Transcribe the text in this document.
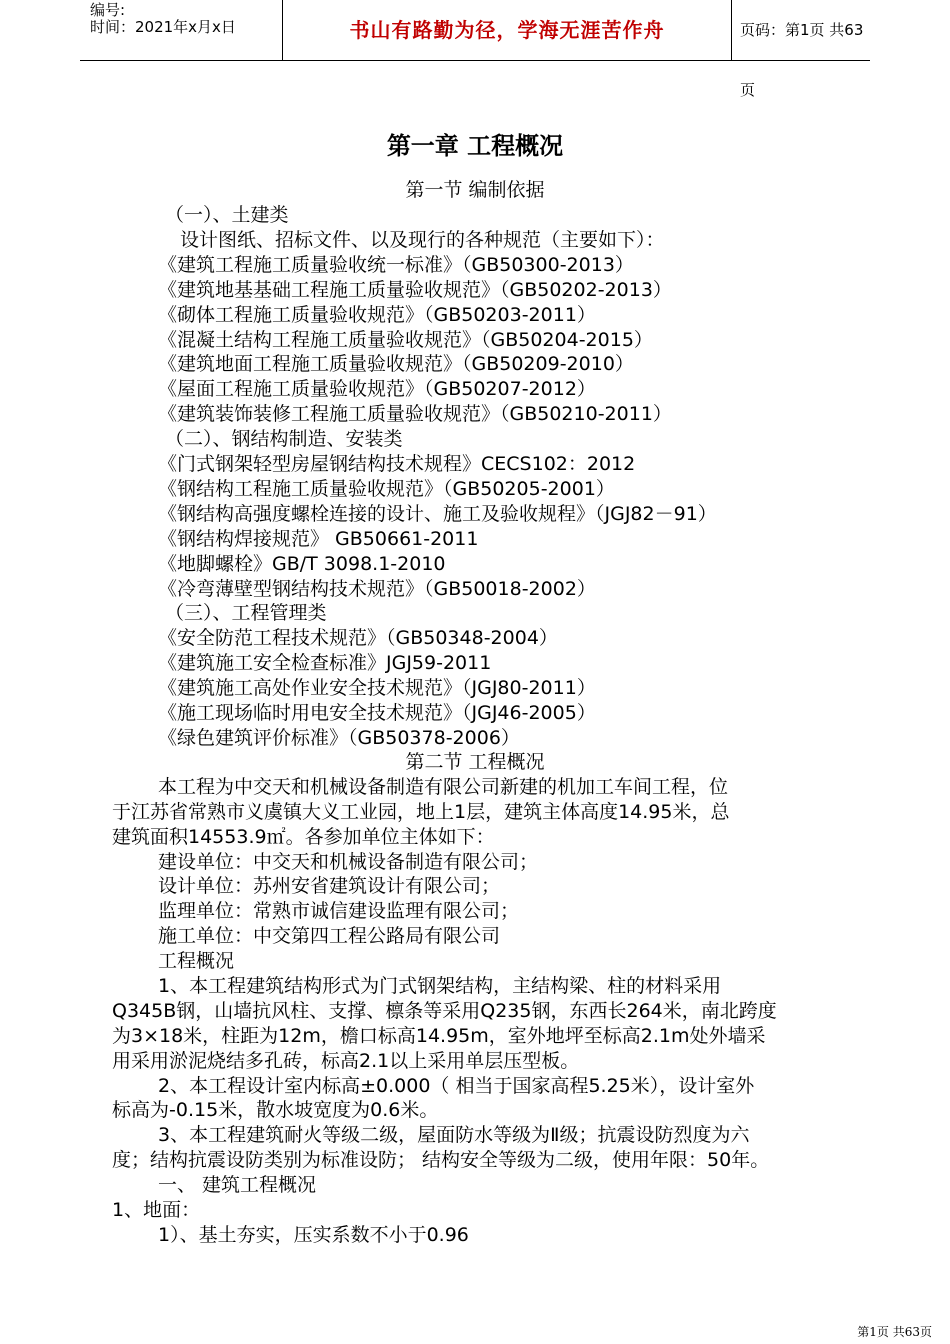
编号:
时间：2021年x月x日	书山有路勤为径，学海无涯苦作舟	页码：第1页 共63页
第一章 工程概况
第一节 编制依据
（一）、土建类
设计图纸、招标文件、以及现行的各种规范（主要如下）：
《建筑工程施工质量验收统一标准》（GB50300-2013）
《建筑地基基础工程施工质量验收规范》（GB50202-2013）
《砌体工程施工质量验收规范》（GB50203-2011）
《混凝土结构工程施工质量验收规范》（GB50204-2015）
《建筑地面工程施工质量验收规范》（GB50209-2010）
《屋面工程施工质量验收规范》（GB50207-2012）
《建筑装饰装修工程施工质量验收规范》（GB50210-2011）
（二）、钢结构制造、安装类
《门式钢架轻型房屋钢结构技术规程》CECS102：2012
《钢结构工程施工质量验收规范》（GB50205-2001）
《钢结构高强度螺栓连接的设计、施工及验收规程》（JGJ82－91）
《钢结构焊接规范》 GB50661-2011
《地脚螺栓》GB/T 3098.1-2010
《冷弯薄壁型钢结构技术规范》（GB50018-2002）
（三）、工程管理类
《安全防范工程技术规范》（GB50348-2004）
《建筑施工安全检查标准》JGJ59-2011
《建筑施工高处作业安全技术规范》（JGJ80-2011）
《施工现场临时用电安全技术规范》（JGJ46-2005）
《绿色建筑评价标准》（GB50378-2006）
第二节 工程概况
本工程为中交天和机械设备制造有限公司新建的机加工车间工程，位
于江苏省常熟市义虞镇大义工业园，地上1层，建筑主体高度14.95米，总
建筑面积14553.9㎡。各参加单位主体如下：
建设单位：中交天和机械设备制造有限公司；
设计单位：苏州安省建筑设计有限公司；
监理单位：常熟市诚信建设监理有限公司；
施工单位：中交第四工程公路局有限公司
工程概况
1、本工程建筑结构形式为门式钢架结构，主结构梁、柱的材料采用
Q345B钢，山墙抗风柱、支撑、檩条等采用Q235钢，东西长264米，南北跨度
为3×18米，柱距为12m，檐口标高14.95m，室外地坪至标高2.1m处外墙采
用采用淤泥烧结多孔砖，标高2.1以上采用单层压型板。
2、本工程设计室内标高±0.000（ 相当于国家高程5.25米），设计室外
标高为-0.15米，散水坡宽度为0.6米。
3、本工程建筑耐火等级二级，屋面防水等级为Ⅱ级；抗震设防烈度为六
度；结构抗震设防类别为标准设防； 结构安全等级为二级，使用年限：50年。
一、 建筑工程概况
1、地面：
1）、基土夯实，压实系数不小于0.96
第1页 共63页
